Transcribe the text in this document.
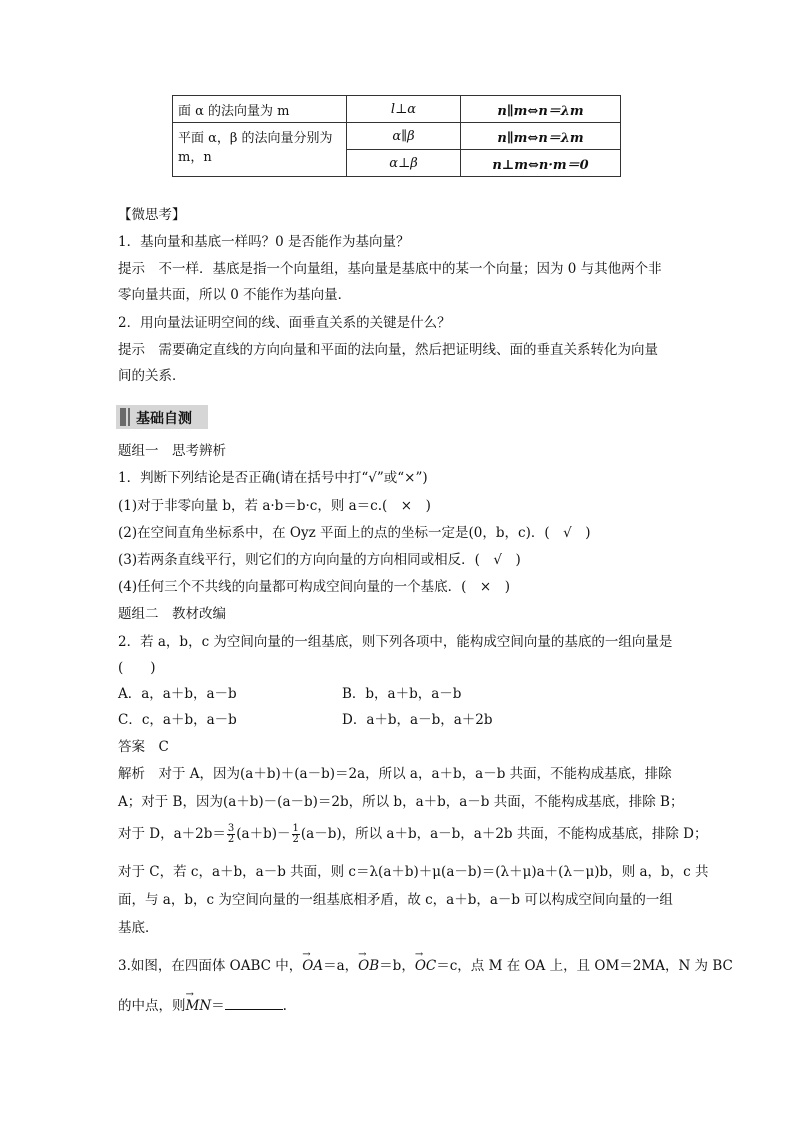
面 α 的法向量为 m	l⊥α	n∥m⇔n＝λm
平面 α，β 的法向量分别为 m，n	α∥β	n∥m⇔n＝λm
	α⊥β	n⊥m⇔n·m＝0
【微思考】
1．基向量和基底一样吗？0 是否能作为基向量？
提示　不一样．基底是指一个向量组，基向量是基底中的某一个向量；因为 0 与其他两个非
零向量共面，所以 0 不能作为基向量．
2．用向量法证明空间的线、面垂直关系的关键是什么？
提示　需要确定直线的方向向量和平面的法向量，然后把证明线、面的垂直关系转化为向量
间的关系．
基础自测
题组一　思考辨析
1．判断下列结论是否正确(请在括号中打“√”或“×”)
(1)对于非零向量 b，若 a·b＝b·c，则 a＝c.(　×　)
(2)在空间直角坐标系中，在 Oyz 平面上的点的坐标一定是(0，b，c)．(　√　)
(3)若两条直线平行，则它们的方向向量的方向相同或相反．(　√　)
(4)任何三个不共线的向量都可构成空间向量的一个基底．(　×　)
题组二　教材改编
2．若 a，b，c 为空间向量的一组基底，则下列各项中，能构成空间向量的基底的一组向量是
(　　)
A．a，a＋b，a－b	B．b，a＋b，a－b
C．c，a＋b，a－b	D．a＋b，a－b，a＋2b
答案　C
解析　对于 A，因为(a＋b)＋(a－b)＝2a，所以 a，a＋b，a－b 共面，不能构成基底，排除
A；对于 B，因为(a＋b)－(a－b)＝2b，所以 b，a＋b，a－b 共面，不能构成基底，排除 B；
对于 D，$a+2b= \frac{3}{2} (a+b)- \frac{1}{2} (a-b)$，所以 a＋b，a－b，a＋2b 共面，不能构成基底，排除 D；
对于 C，若 c，a＋b，a－b 共面，则 c＝λ(a＋b)＋μ(a－b)＝(λ＋μ)a＋(λ－μ)b，则 a，b，c 共
面，与 a，b，c 为空间向量的一组基底相矛盾，故 c，a＋b，a－b 可以构成空间向量的一组
基底．
3.如图，在四面体 OABC 中，→ OA＝a，→ OB＝b，→ OC＝c，点 M 在 OA 上，且 OM＝2MA，N 为 BC
的中点，则→ MN＝	.
